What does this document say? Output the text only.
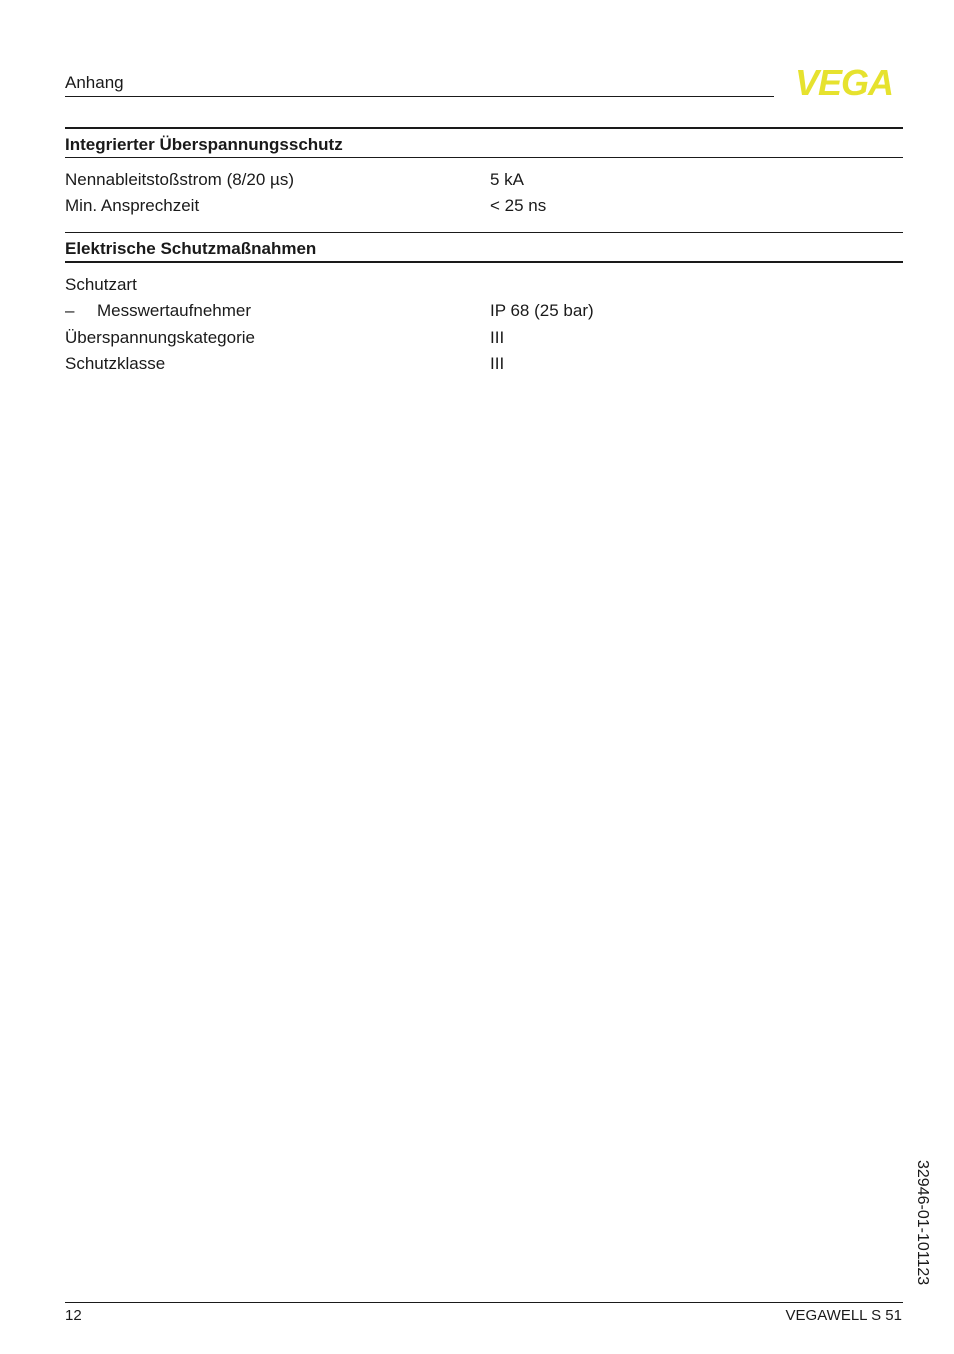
Anhang	VEGA
Integrierter Überspannungsschutz
Nennableitstoßstrom (8/20 µs)	5 kA
Min. Ansprechzeit	< 25 ns
Elektrische Schutzmaßnahmen
Schutzart
– Messwertaufnehmer	IP 68 (25 bar)
Überspannungskategorie	III
Schutzklasse	III
32946-01-101123
12	VEGAWELL S 51
